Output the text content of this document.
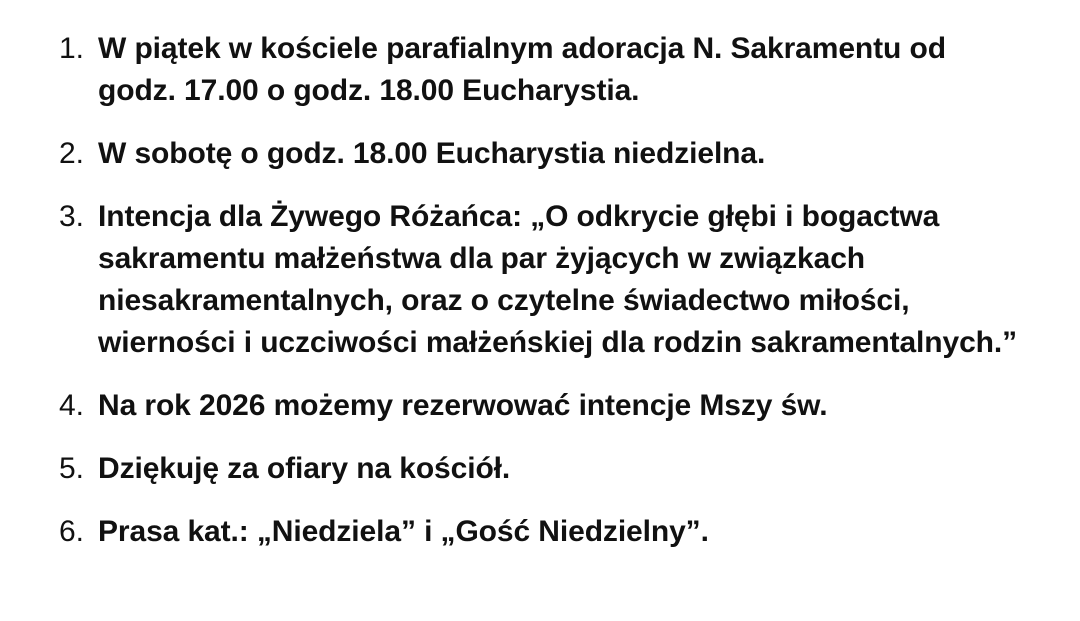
1. W piątek w kościele parafialnym adoracja N. Sakramentu od godz. 17.00 o godz. 18.00 Eucharystia.
2. W sobotę o godz. 18.00 Eucharystia niedzielna.
3. Intencja dla Żywego Różańca: „O odkrycie głębi i bogactwa sakramentu małżeństwa dla par żyjących w związkach niesakramentalnych, oraz o czytelne świadectwo miłości, wierności i uczciwości małżeńskiej dla rodzin sakramentalnych.”
4. Na rok 2026 możemy rezerwować intencje Mszy św.
5. Dziękuję za ofiary na kościół.
6. Prasa kat.: „Niedziela” i „Gość Niedzielny”.
